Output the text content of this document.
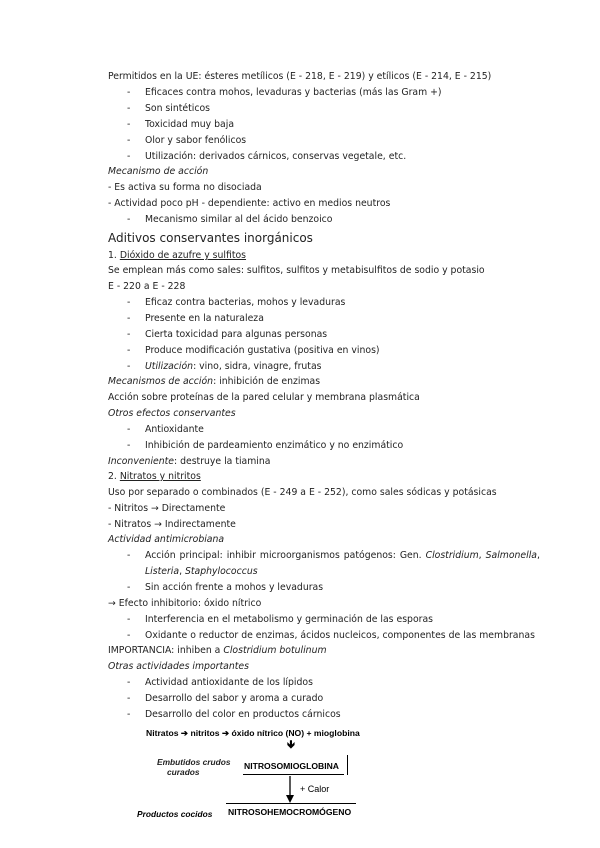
Permitidos en la UE: ésteres metílicos (E - 218, E - 219) y etílicos (E - 214, E - 215)
- Eficaces contra mohos, levaduras y bacterias (más las Gram +)
- Son sintéticos
- Toxicidad muy baja
- Olor y sabor fenólicos
- Utilización: derivados cárnicos, conservas vegetale, etc.
Mecanismo de acción
- Es activa su forma no disociada
- Actividad poco pH - dependiente: activo en medios neutros
- Mecanismo similar al del ácido benzoico
Aditivos conservantes inorgánicos
1. Dióxido de azufre y sulfitos
Se emplean más como sales: sulfitos, sulfitos y metabisulfitos de sodio y potasio
E - 220 a E - 228
- Eficaz contra bacterias, mohos y levaduras
- Presente en la naturaleza
- Cierta toxicidad para algunas personas
- Produce modificación gustativa (positiva en vinos)
- Utilización: vino, sidra, vinagre, frutas
Mecanismos de acción: inhibición de enzimas
Acción sobre proteínas de la pared celular y membrana plasmática
Otros efectos conservantes
- Antioxidante
- Inhibición de pardeamiento enzimático y no enzimático
Inconveniente: destruye la tiamina
2. Nitratos y nitritos
Uso por separado o combinados (E - 249 a E - 252), como sales sódicas y potásicas
- Nitritos → Directamente
- Nitratos → Indirectamente
Actividad antimicrobiana
- Acción principal: inhibir microorganismos patógenos: Gen. Clostridium, Salmonella,
Listeria, Staphylococcus
- Sin acción frente a mohos y levaduras
→ Efecto inhibitorio: óxido nítrico
- Interferencia en el metabolismo y germinación de las esporas
- Oxidante o reductor de enzimas, ácidos nucleicos, componentes de las membranas
IMPORTANCIA: inhiben a Clostridium botulinum
Otras actividades importantes
- Actividad antioxidante de los lípidos
- Desarrollo del sabor y aroma a curado
- Desarrollo del color en productos cárnicos
Nitratos ➔ nitritos ➔ óxido nítrico (NO) + mioglobina
🡻
Embutidos crudos
curados
NITROSOMIOGLOBINA
+ Calor
Productos cocidos NITROSOHEMOCROMÓGENO
